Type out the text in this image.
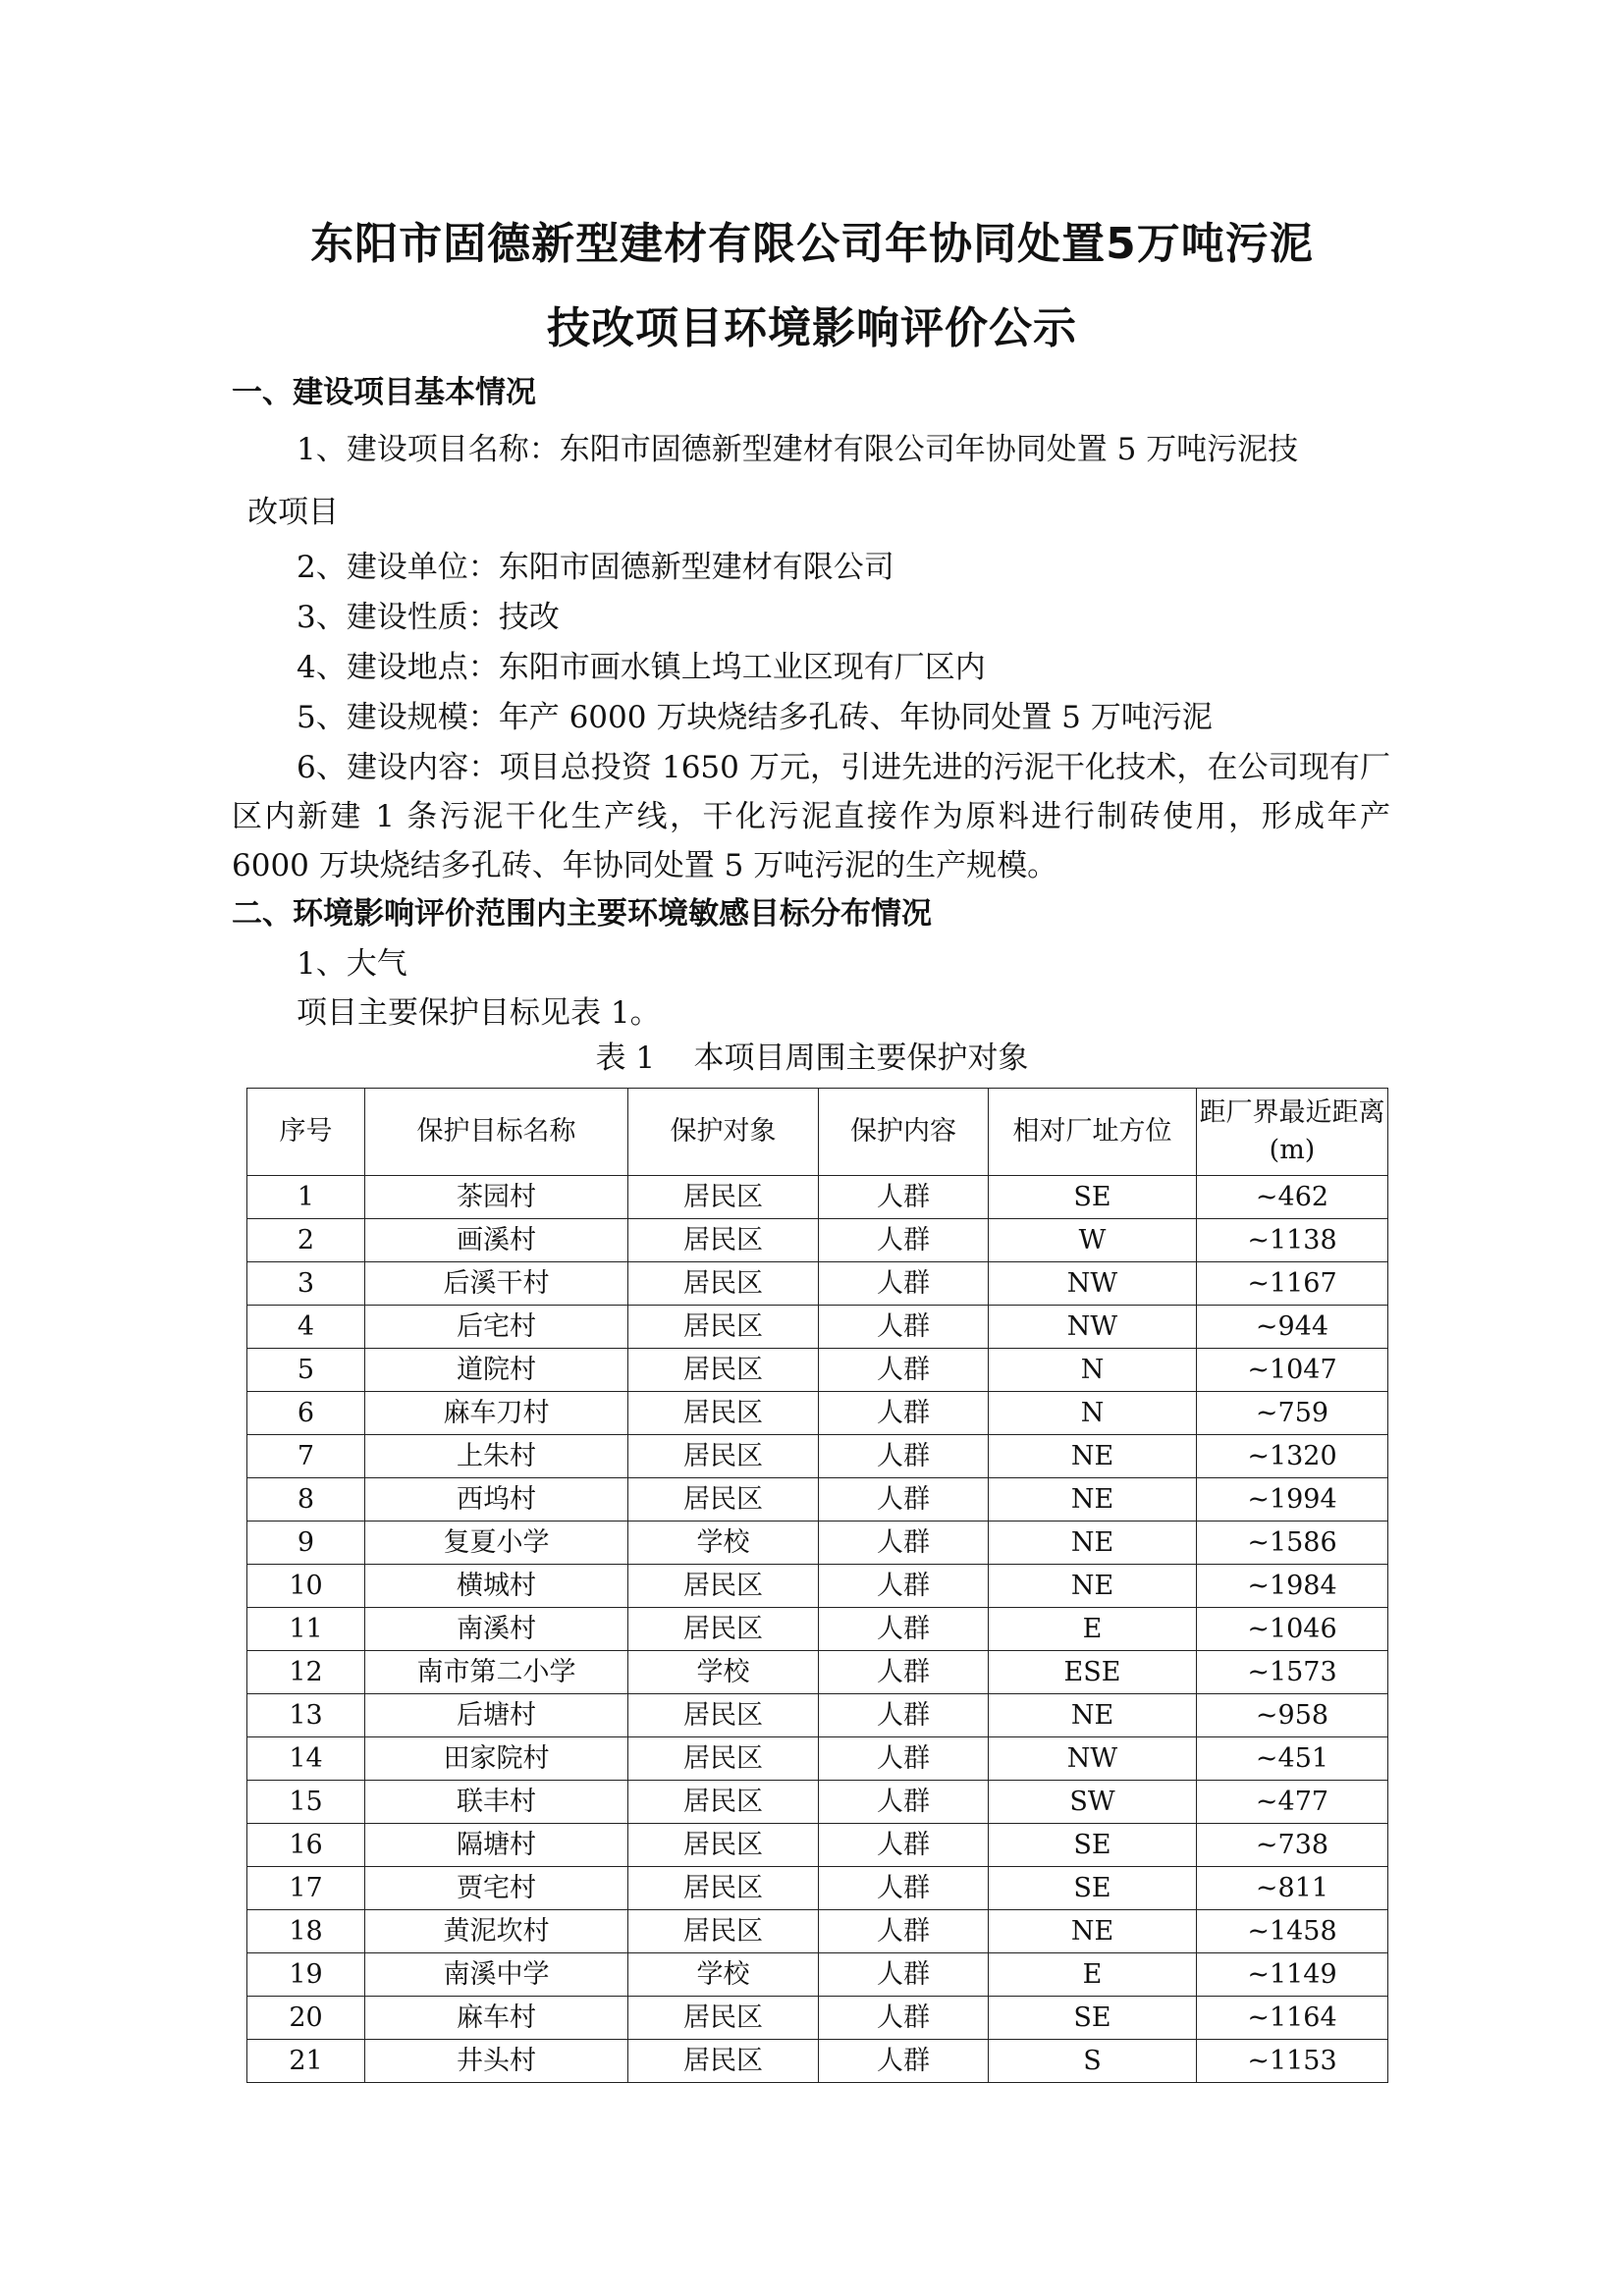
东阳市固德新型建材有限公司年协同处置5万吨污泥
技改项目环境影响评价公示
一、建设项目基本情况
1、建设项目名称：东阳市固德新型建材有限公司年协同处置 5 万吨污泥技
改项目
2、建设单位：东阳市固德新型建材有限公司
3、建设性质：技改
4、建设地点：东阳市画水镇上坞工业区现有厂区内
5、建设规模：年产 6000 万块烧结多孔砖、年协同处置 5 万吨污泥
6、建设内容：项目总投资 1650 万元，引进先进的污泥干化技术，在公司现有厂区内新建 1 条污泥干化生产线，干化污泥直接作为原料进行制砖使用，形成年产 6000 万块烧结多孔砖、年协同处置 5 万吨污泥的生产规模。
二、环境影响评价范围内主要环境敏感目标分布情况
1、大气
项目主要保护目标见表 1。
表 1    本项目周围主要保护对象
序号	保护目标名称	保护对象	保护内容	相对厂址方位	距厂界最近距离(m)
1	茶园村	居民区	人群	SE	~462
2	画溪村	居民区	人群	W	~1138
3	后溪干村	居民区	人群	NW	~1167
4	后宅村	居民区	人群	NW	~944
5	道院村	居民区	人群	N	~1047
6	麻车刀村	居民区	人群	N	~759
7	上朱村	居民区	人群	NE	~1320
8	西坞村	居民区	人群	NE	~1994
9	复夏小学	学校	人群	NE	~1586
10	横城村	居民区	人群	NE	~1984
11	南溪村	居民区	人群	E	~1046
12	南市第二小学	学校	人群	ESE	~1573
13	后塘村	居民区	人群	NE	~958
14	田家院村	居民区	人群	NW	~451
15	联丰村	居民区	人群	SW	~477
16	隔塘村	居民区	人群	SE	~738
17	贾宅村	居民区	人群	SE	~811
18	黄泥坎村	居民区	人群	NE	~1458
19	南溪中学	学校	人群	E	~1149
20	麻车村	居民区	人群	SE	~1164
21	井头村	居民区	人群	S	~1153
